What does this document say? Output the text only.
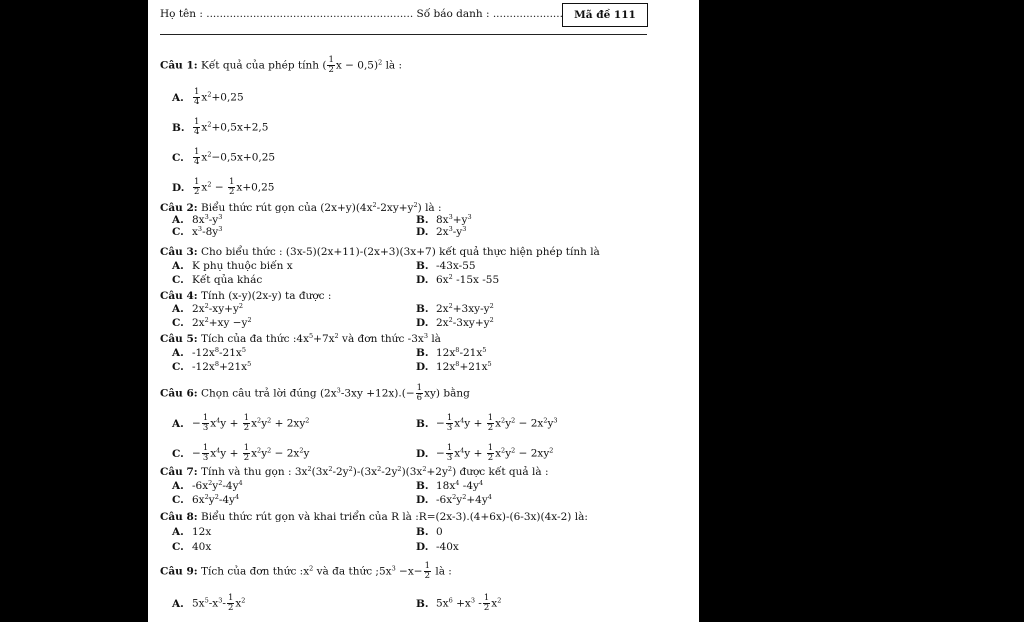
Họ tên : .............................................................. Số báo danh : .....................	Mã đề 111
Câu 1: Kết quả của phép tính ( $\frac{1}{2}$ x − 0,5)$^2$ là :
A. $\frac{1}{4} x^2+0,25$
B. $\frac{1}{4} x^2+0,5x+2,5$
C. $\frac{1}{4} x^2-0,5x+0,25$
D. $\frac{1}{2} x^2 - \frac{1}{2} x+0,25$
Câu 2: Biểu thức rút gọn của $(2x+y)(4x^2-2xy+y^2)$ là :
A. $8x^3-y^3$	B. $8x^3+y^3$
C. $x^3-8y^3$	D. $2x^3-y^3$
Câu 3: Cho biểu thức : (3x-5)(2x+11)-(2x+3)(3x+7) kết quả thực hiện phép tính là
A. K phụ thuộc biến x	B. -43x-55
C. Kết qủa khác	D. $6x^2$ -15x -55
Câu 4: Tính (x-y)(2x-y) ta được :
A. $2x^2-xy+y^2$	B. $2x^2+3xy-y^2$
C. $2x^2+xy -y^2$	D. $2x^2-3xy+y^2$
Câu 5: Tích của đa thức $:4x^5+7x^2$ và đơn thức $-3x^3$ là
A. $-12x^8-21x^5$	B. $12x^8-21x^5$
C. $-12x^8+21x^5$	D. $12x^8+21x^5$
Câu 6: Chọn câu trả lời đúng $(2x^3-3xy +12x).(- \frac{1}{6} xy)$ bằng
A. − $\frac{1}{3} x^4y + \frac{1}{2} x^2y^2 + 2xy^2$	B. − $\frac{1}{3} x^4y + \frac{1}{2} x^2y^2 - 2x^2y^3$
C. − $\frac{1}{3} x^4y + \frac{1}{2} x^2y^2 - 2x^2y$	D. − $\frac{1}{3} x^4y + \frac{1}{2} x^2y^2 - 2xy^2$
Câu 7: Tính và thu gọn : $3x^2(3x^2-2y^2)-(3x^2-2y^2)(3x^2+2y^2)$ được kết quả là :
A. $-6x^2y^2-4y^4$	B. $18x^4$ $-4y^4$
C. $6x^2y^2-4y^4$	D. $-6x^2y^2+4y^4$
Câu 8: Biểu thức rút gọn và khai triển của R là :R=(2x-3).(4+6x)-(6-3x)(4x-2) là:
A. 12x	B. 0
C. 40x	D. -40x
Câu 9: Tích của đơn thức $:x^2$ và đa thức $;5x^3 -x- \frac{1}{2}$ là :
A. $5x^5-x^3- \frac{1}{2} x^2$	B. $5x^6 +x^3 - \frac{1}{2} x^2$
